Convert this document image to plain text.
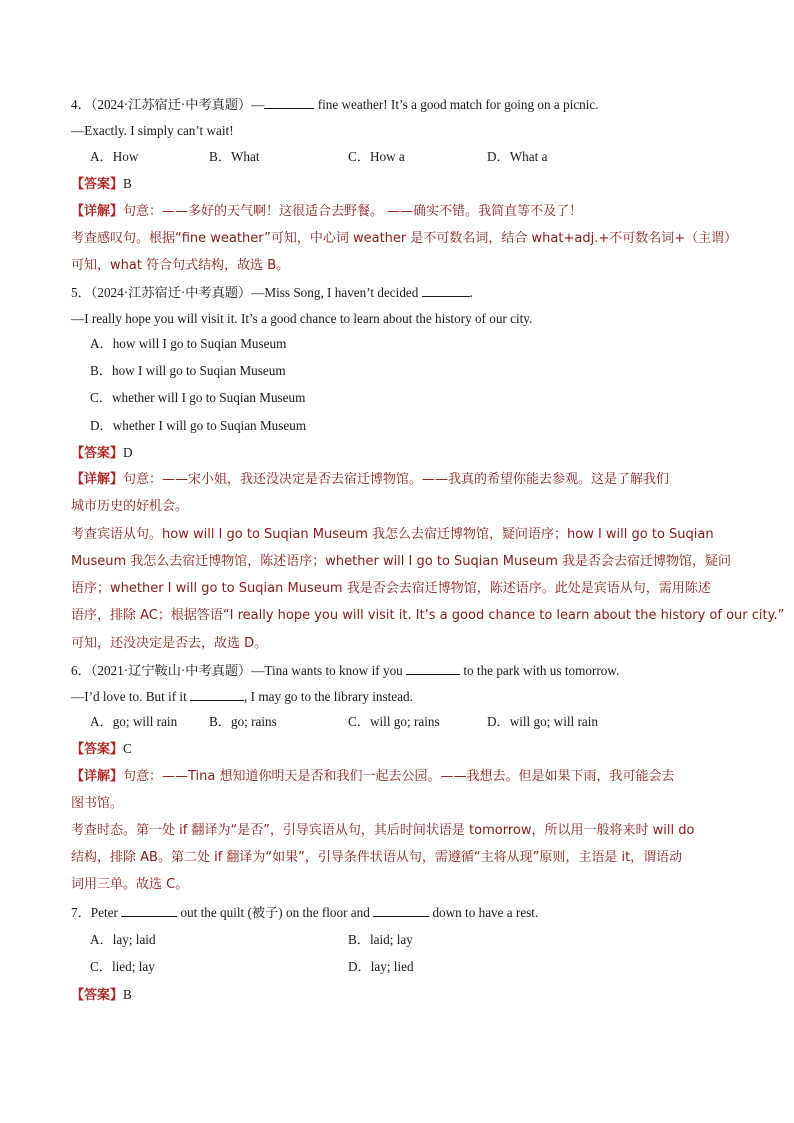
4．（2024·江苏宿迁·中考真题）—	fine weather! It’s a good match for going on a picnic.
—Exactly. I simply can’t wait!
A．How	B．What	C．How a	D．What a
【答案】B
【详解】句意：——多好的天气啊！这很适合去野餐。 ——确实不错。我简直等不及了！
考查感叹句。根据“fine weather”可知，中心词 weather 是不可数名词，结合 what+adj.+不可数名词+（主谓）
可知，what 符合句式结构，故选 B。
5．（2024·江苏宿迁·中考真题）—Miss Song, I haven’t decided	.
—I really hope you will visit it. It’s a good chance to learn about the history of our city.
A．how will I go to Suqian Museum
B．how I will go to Suqian Museum
C．whether will I go to Suqian Museum
D．whether I will go to Suqian Museum
【答案】D
【详解】句意：——宋小姐，我还没决定是否去宿迁博物馆。——我真的希望你能去参观。这是了解我们
城市历史的好机会。
考查宾语从句。how will I go to Suqian Museum 我怎么去宿迁博物馆，疑问语序；how I will go to Suqian
Museum 我怎么去宿迁博物馆，陈述语序；whether will I go to Suqian Museum 我是否会去宿迁博物馆，疑问
语序；whether I will go to Suqian Museum 我是否会去宿迁博物馆，陈述语序。此处是宾语从句，需用陈述
语序，排除 AC；根据答语“I really hope you will visit it. It’s a good chance to learn about the history of our city.”
可知，还没决定是否去，故选 D。
6．（2021·辽宁鞍山·中考真题）—Tina wants to know if you	to the park with us tomorrow.
—I’d love to. But if it	, I may go to the library instead.
A．go; will rain B．go; rains	C．will go; rains	D．will go; will rain
【答案】C
【详解】句意：——Tina 想知道你明天是否和我们一起去公园。——我想去。但是如果下雨，我可能会去
图书馆。
考查时态。第一处 if 翻译为“是否”，引导宾语从句，其后时间状语是 tomorrow，所以用一般将来时 will do
结构，排除 AB。第二处 if 翻译为“如果”，引导条件状语从句，需遵循“主将从现”原则，主语是 it，谓语动
词用三单。故选 C。
7．Peter	out the quilt (被子) on the floor and	down to have a rest.
A．lay; laid	B．laid; lay
C．lied; lay	D．lay; lied
【答案】B
